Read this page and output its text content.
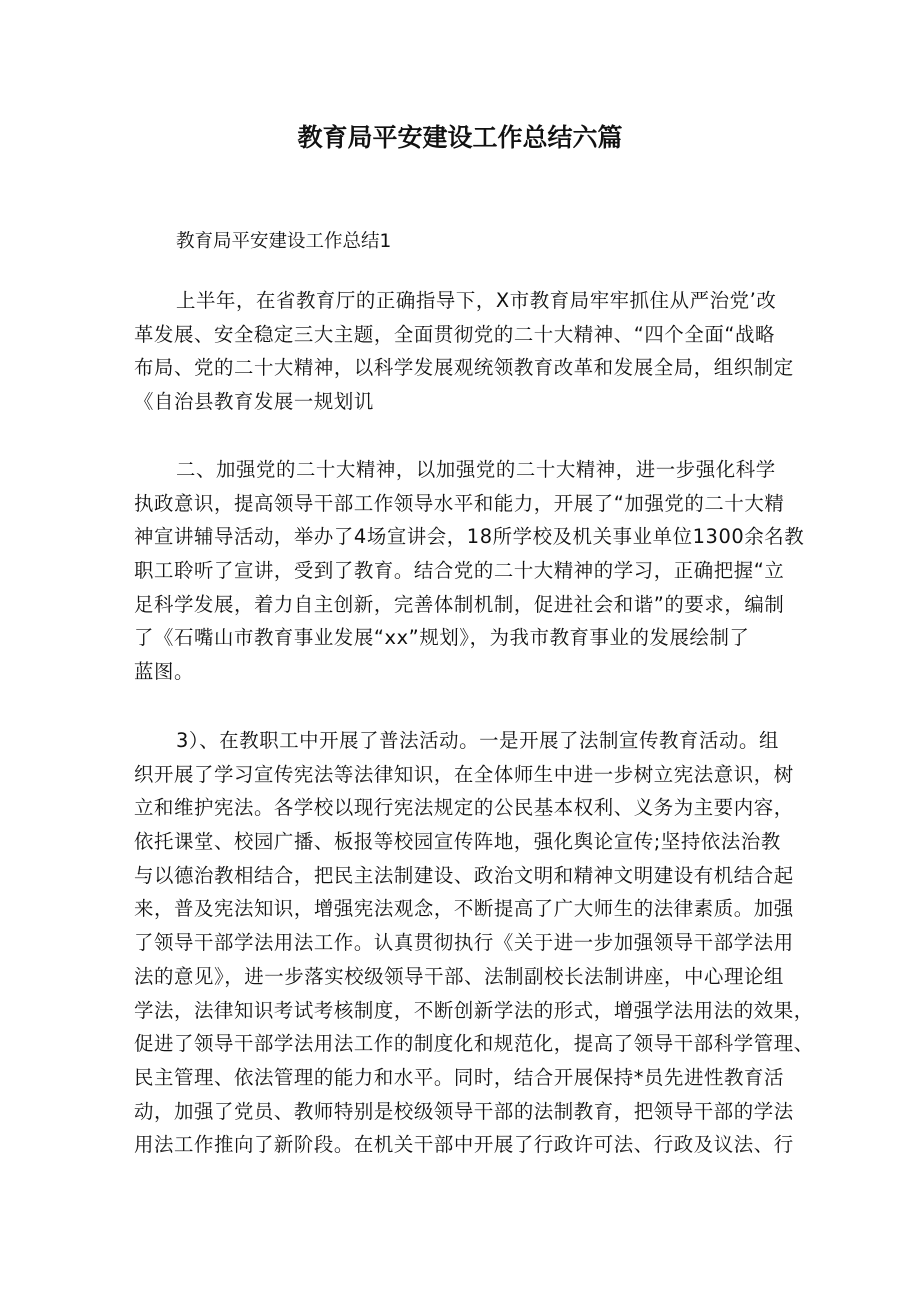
教育局平安建设工作总结六篇

教育局平安建设工作总结1

上半年，在省教育厅的正确指导下，X市教育局牢牢抓住从严治党’改
革发展、安全稳定三大主题，全面贯彻党的二十大精神、“四个全面“战略
布局、党的二十大精神，以科学发展观统领教育改革和发展全局，组织制定
《自治县教育发展一规划讥
二、加强党的二十大精神，以加强党的二十大精神，进一步强化科学
执政意识，提高领导干部工作领导水平和能力，开展了“加强党的二十大精
神宣讲辅导活动，举办了4场宣讲会，18所学校及机关事业单位1300余名教
职工聆听了宣讲，受到了教育。结合党的二十大精神的学习，正确把握“立
足科学发展，着力自主创新，完善体制机制，促进社会和谐”的要求，编制
了《石嘴山市教育事业发展“xx”规划》，为我市教育事业的发展绘制了
蓝图。
3）、在教职工中开展了普法活动。一是开展了法制宣传教育活动。组
织开展了学习宣传宪法等法律知识，在全体师生中进一步树立宪法意识，树
立和维护宪法。各学校以现行宪法规定的公民基本权利、义务为主要内容，
依托课堂、校园广播、板报等校园宣传阵地，强化舆论宣传;坚持依法治教
与以德治教相结合，把民主法制建设、政治文明和精神文明建设有机结合起
来，普及宪法知识，增强宪法观念，不断提高了广大师生的法律素质。加强
了领导干部学法用法工作。认真贯彻执行《关于进一步加强领导干部学法用
法的意见》，进一步落实校级领导干部、法制副校长法制讲座，中心理论组
学法，法律知识考试考核制度，不断创新学法的形式，增强学法用法的效果，
促进了领导干部学法用法工作的制度化和规范化，提高了领导干部科学管理、
民主管理、依法管理的能力和水平。同时，结合开展保持*员先进性教育活
动，加强了党员、教师特别是校级领导干部的法制教育，把领导干部的学法
用法工作推向了新阶段。在机关干部中开展了行政许可法、行政及议法、行
